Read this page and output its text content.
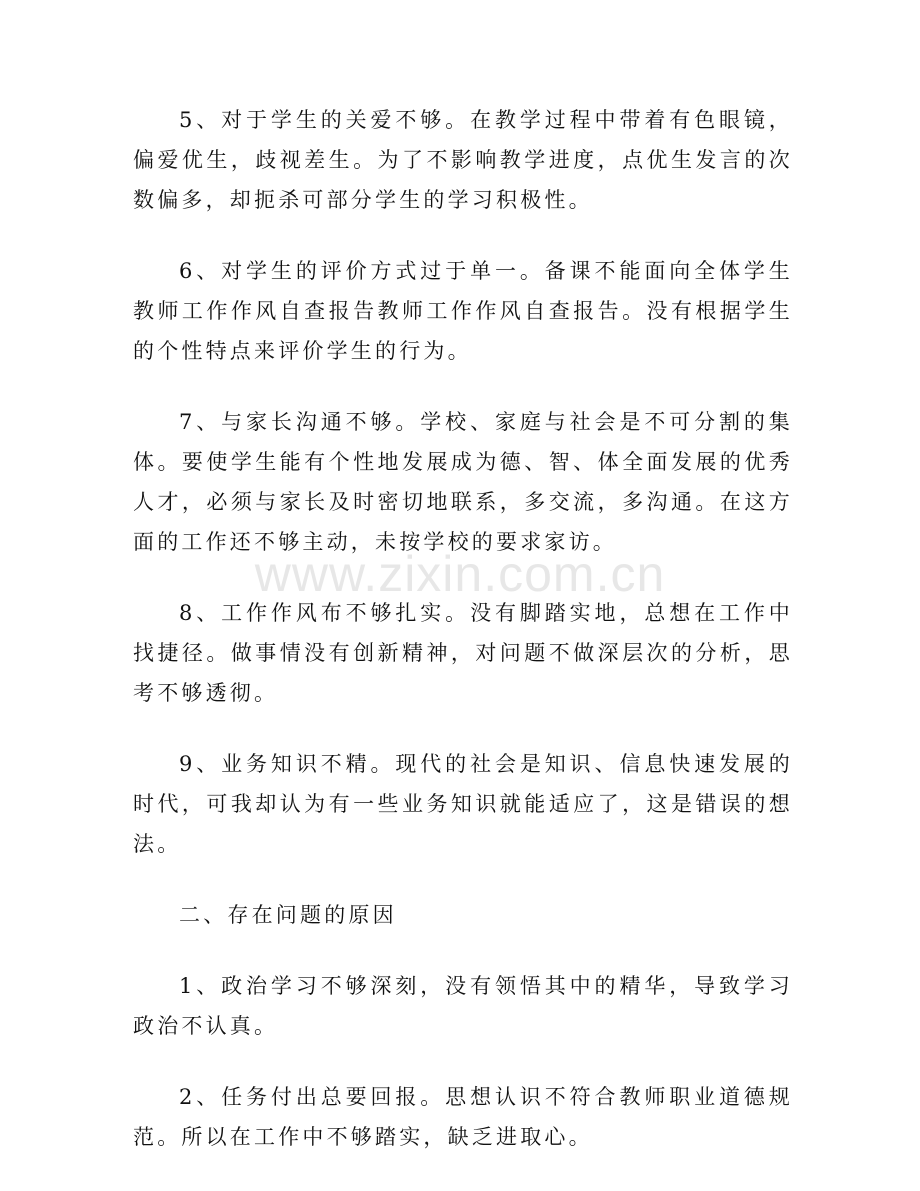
5、对于学生的关爱不够。在教学过程中带着有色眼镜，偏爱优生，歧视差生。为了不影响教学进度，点优生发言的次数偏多，却扼杀可部分学生的学习积极性。

6、对学生的评价方式过于单一。备课不能面向全体学生教师工作作风自查报告教师工作作风自查报告。没有根据学生的个性特点来评价学生的行为。

7、与家长沟通不够。学校、家庭与社会是不可分割的集体。要使学生能有个性地发展成为德、智、体全面发展的优秀人才，必须与家长及时密切地联系，多交流，多沟通。在这方面的工作还不够主动，未按学校的要求家访。

8、工作作风布不够扎实。没有脚踏实地，总想在工作中找捷径。做事情没有创新精神，对问题不做深层次的分析，思考不够透彻。

9、业务知识不精。现代的社会是知识、信息快速发展的时代，可我却认为有一些业务知识就能适应了，这是错误的想法。

二、存在问题的原因

1、政治学习不够深刻，没有领悟其中的精华，导致学习政治不认真。

2、任务付出总要回报。思想认识不符合教师职业道德规范。所以在工作中不够踏实，缺乏进取心。

www.zixin.com.cn
